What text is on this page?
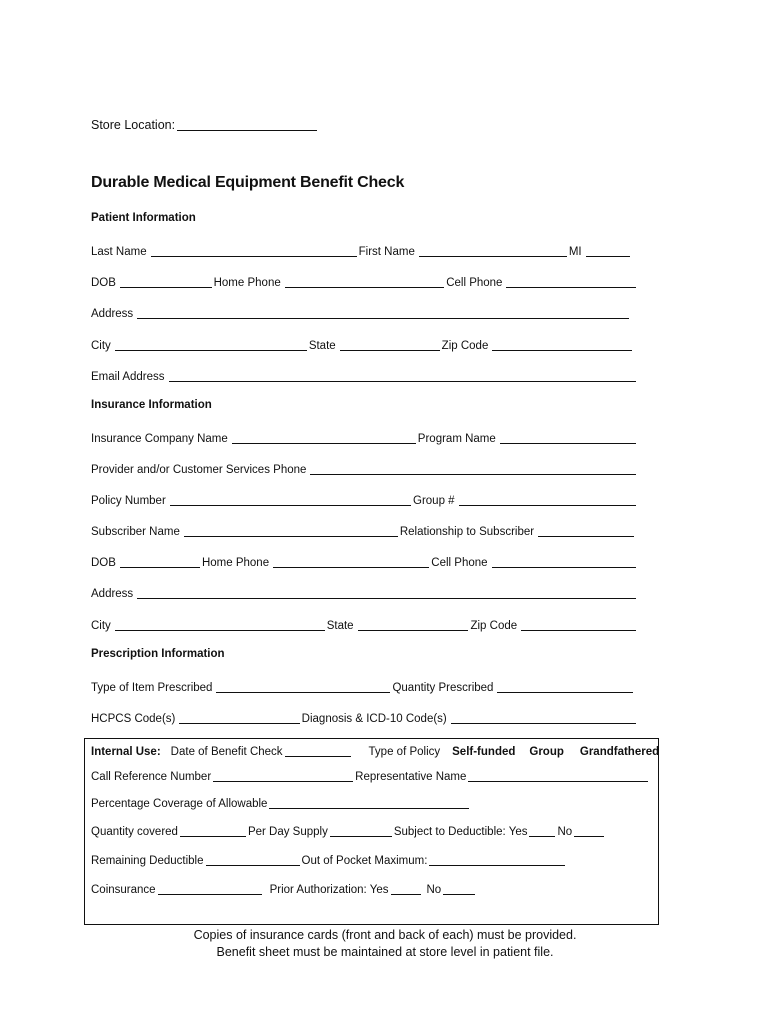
Store Location:
Durable Medical Equipment Benefit Check
Patient Information
Last Name	First Name	MI
DOB	Home Phone	Cell Phone
Address
City	State	Zip Code
Email Address
Insurance Information
Insurance Company Name	Program Name
Provider and/or Customer Services Phone
Policy Number	Group #
Subscriber Name	Relationship to Subscriber
DOB	Home Phone	Cell Phone
Address
City	State	Zip Code
Prescription Information
Type of Item Prescribed	Quantity Prescribed
HCPCS Code(s)	Diagnosis & ICD-10 Code(s)
Internal Use: Date of Benefit Check	Type of Policy	Self-funded	Group	Grandfathered
Call Reference Number	Representative Name
Percentage Coverage of Allowable
Quantity covered	Per Day Supply	Subject to Deductible: Yes	No
Remaining Deductible	Out of Pocket Maximum:
Coinsurance	Prior Authorization: Yes	No
Copies of insurance cards (front and back of each) must be provided.
Benefit sheet must be maintained at store level in patient file.
